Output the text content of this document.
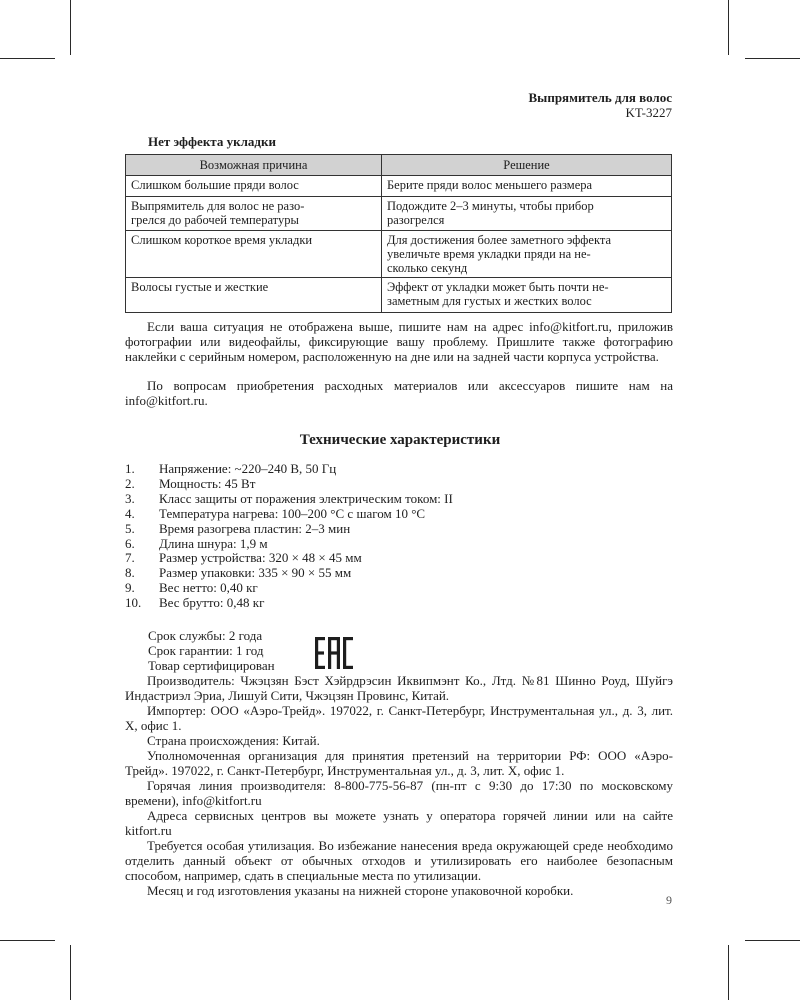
Выпрямитель для волос
KT-3227
Нет эффекта укладки
Возможная причина	Решение
Слишком большие пряди волос	Берите пряди волос меньшего размера
Выпрямитель для волос не разо-
грелся до рабочей температуры	Подождите 2–3 минуты, чтобы прибор
разогрелся
Слишком короткое время укладки	Для достижения более заметного эффекта
увеличьте время укладки пряди на не-
сколько секунд
Волосы густые и жесткие	Эффект от укладки может быть почти не-
заметным для густых и жестких волос

Если ваша ситуация не отображена выше, пишите нам на адрес info@kitfort.ru, приложив фотографии или видеофайлы, фиксирующие вашу проблему. Пришлите также фотографию наклейки с серийным номером, расположенную на дне или на задней части корпуса устройства.

По вопросам приобретения расходных материалов или аксессуаров пишите нам на info@kitfort.ru.

Технические характеристики
1.	Напряжение: ~220–240 В, 50 Гц
2.	Мощность: 45 Вт
3.	Класс защиты от поражения электрическим током: II
4.	Температура нагрева: 100–200 °С с шагом 10 °С
5.	Время разогрева пластин: 2–3 мин
6.	Длина шнура: 1,9 м
7.	Размер устройства: 320 × 48 × 45 мм
8.	Размер упаковки: 335 × 90 × 55 мм
9.	Вес нетто: 0,40 кг
10.	Вес брутто: 0,48 кг
Срок службы: 2 года
Срок гарантии: 1 год
Товар сертифицирован

Производитель: Чжэцзян Бэст Хэйрдрэсин Иквипмэнт Ко., Лтд. №81 Шинно Роуд, Шуйгэ Индастриэл Эриа, Лишуй Сити, Чжэцзян Провинс, Китай.

Импортер: ООО «Аэро-Трейд». 197022, г. Санкт-Петербург, Инструментальная ул., д. 3, лит. Х, офис 1.

Страна происхождения: Китай.

Уполномоченная организация для принятия претензий на территории РФ: ООО «Аэро-Трейд». 197022, г. Санкт-Петербург, Инструментальная ул., д. 3, лит. Х, офис 1.

Горячая линия производителя: 8-800-775-56-87 (пн-пт с 9:30 до 17:30 по московскому времени), info@kitfort.ru

Адреса сервисных центров вы можете узнать у оператора горячей линии или на сайте kitfort.ru

Требуется особая утилизация. Во избежание нанесения вреда окружающей среде необходимо отделить данный объект от обычных отходов и утилизировать его наиболее безопасным способом, например, сдать в специальные места по утилизации.

Месяц и год изготовления указаны на нижней стороне упаковочной коробки.

9
